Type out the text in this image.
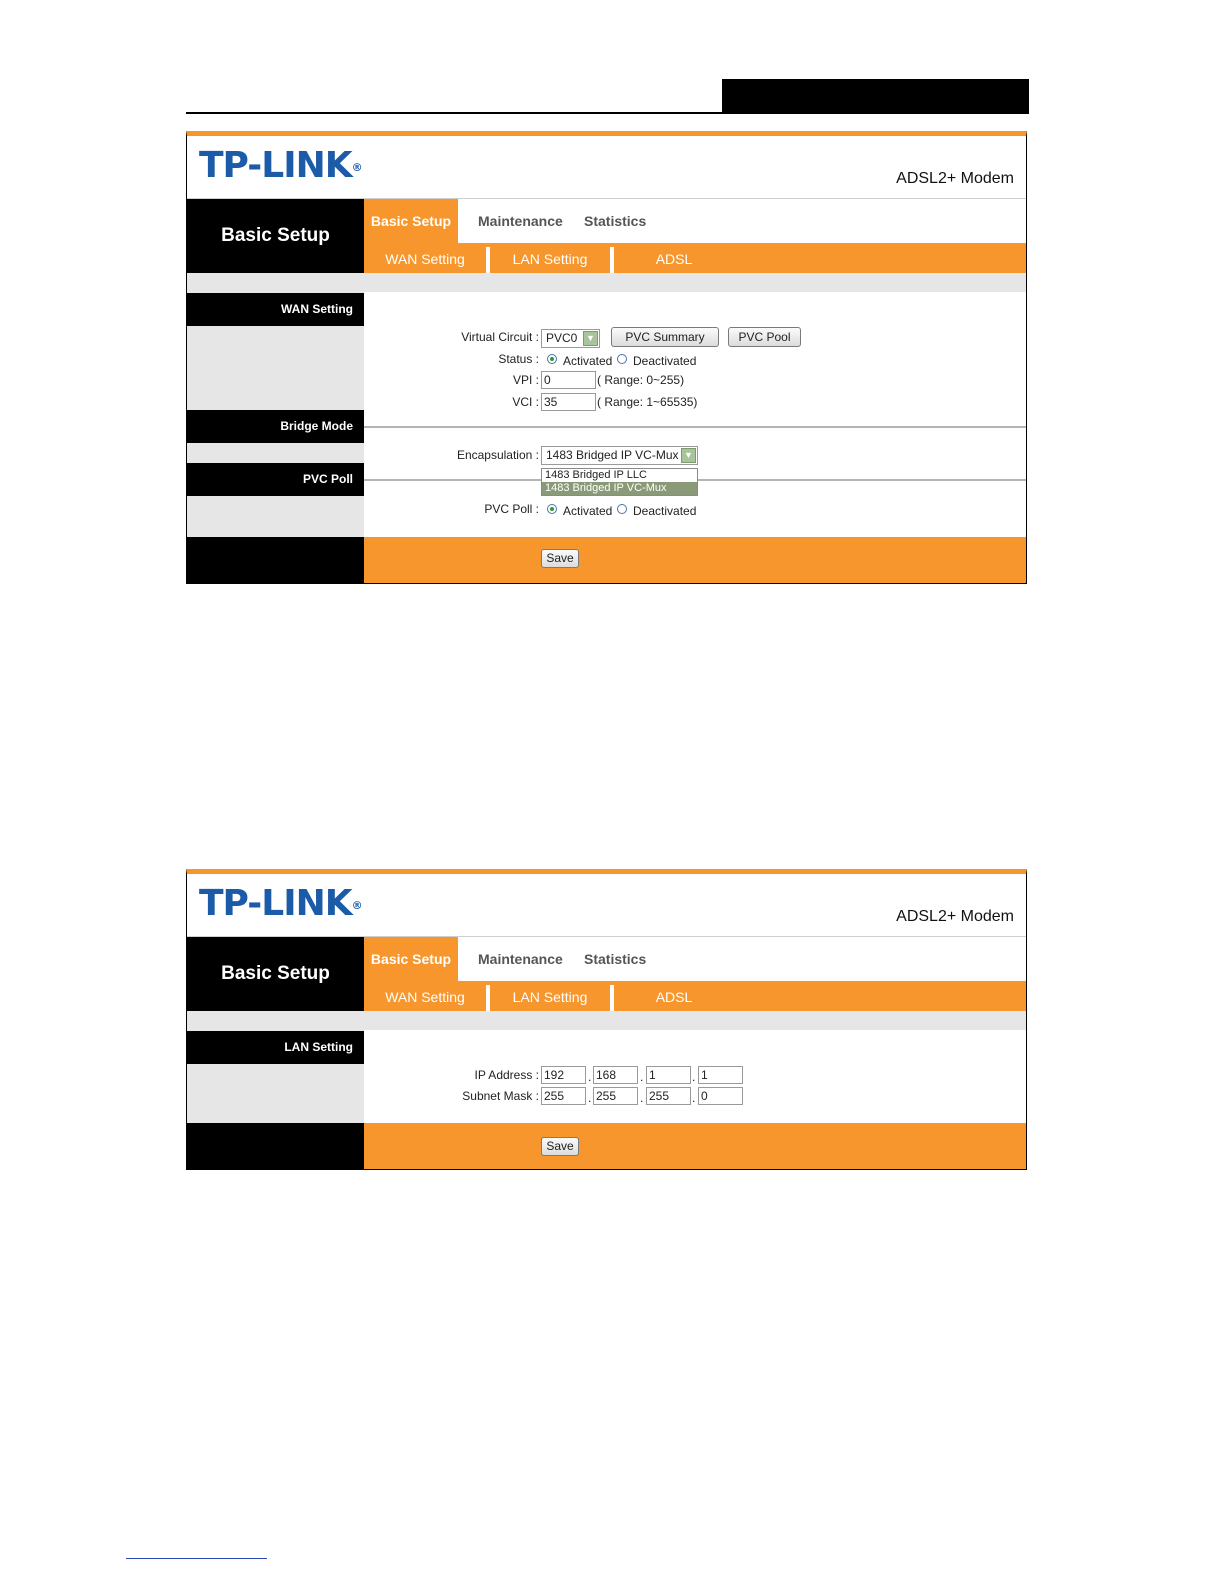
TP-LINK®
ADSL2+ Modem
Basic Setup
Basic Setup	Maintenance Statistics
WAN Setting	LAN Setting	ADSL
WAN Setting
Bridge Mode
PVC Poll
Virtual Circuit : PVC0 ▼	PVC Summary	PVC Pool
Status : Activated Deactivated
VPI : 0	( Range: 0~255)
VCI : 35	( Range: 1~65535)
Encapsulation : 1483 Bridged IP VC-Mux ▼
1483 Bridged IP LLC
1483 Bridged IP VC-Mux
PVC Poll : Activated Deactivated
Save
TP-LINK®
ADSL2+ Modem
Basic Setup
Basic Setup	Maintenance Statistics
WAN Setting	LAN Setting	ADSL
LAN Setting
IP Address : 192	. 168	. 1	. 1
Subnet Mask : 255	. 255	. 255	. 0
Save
